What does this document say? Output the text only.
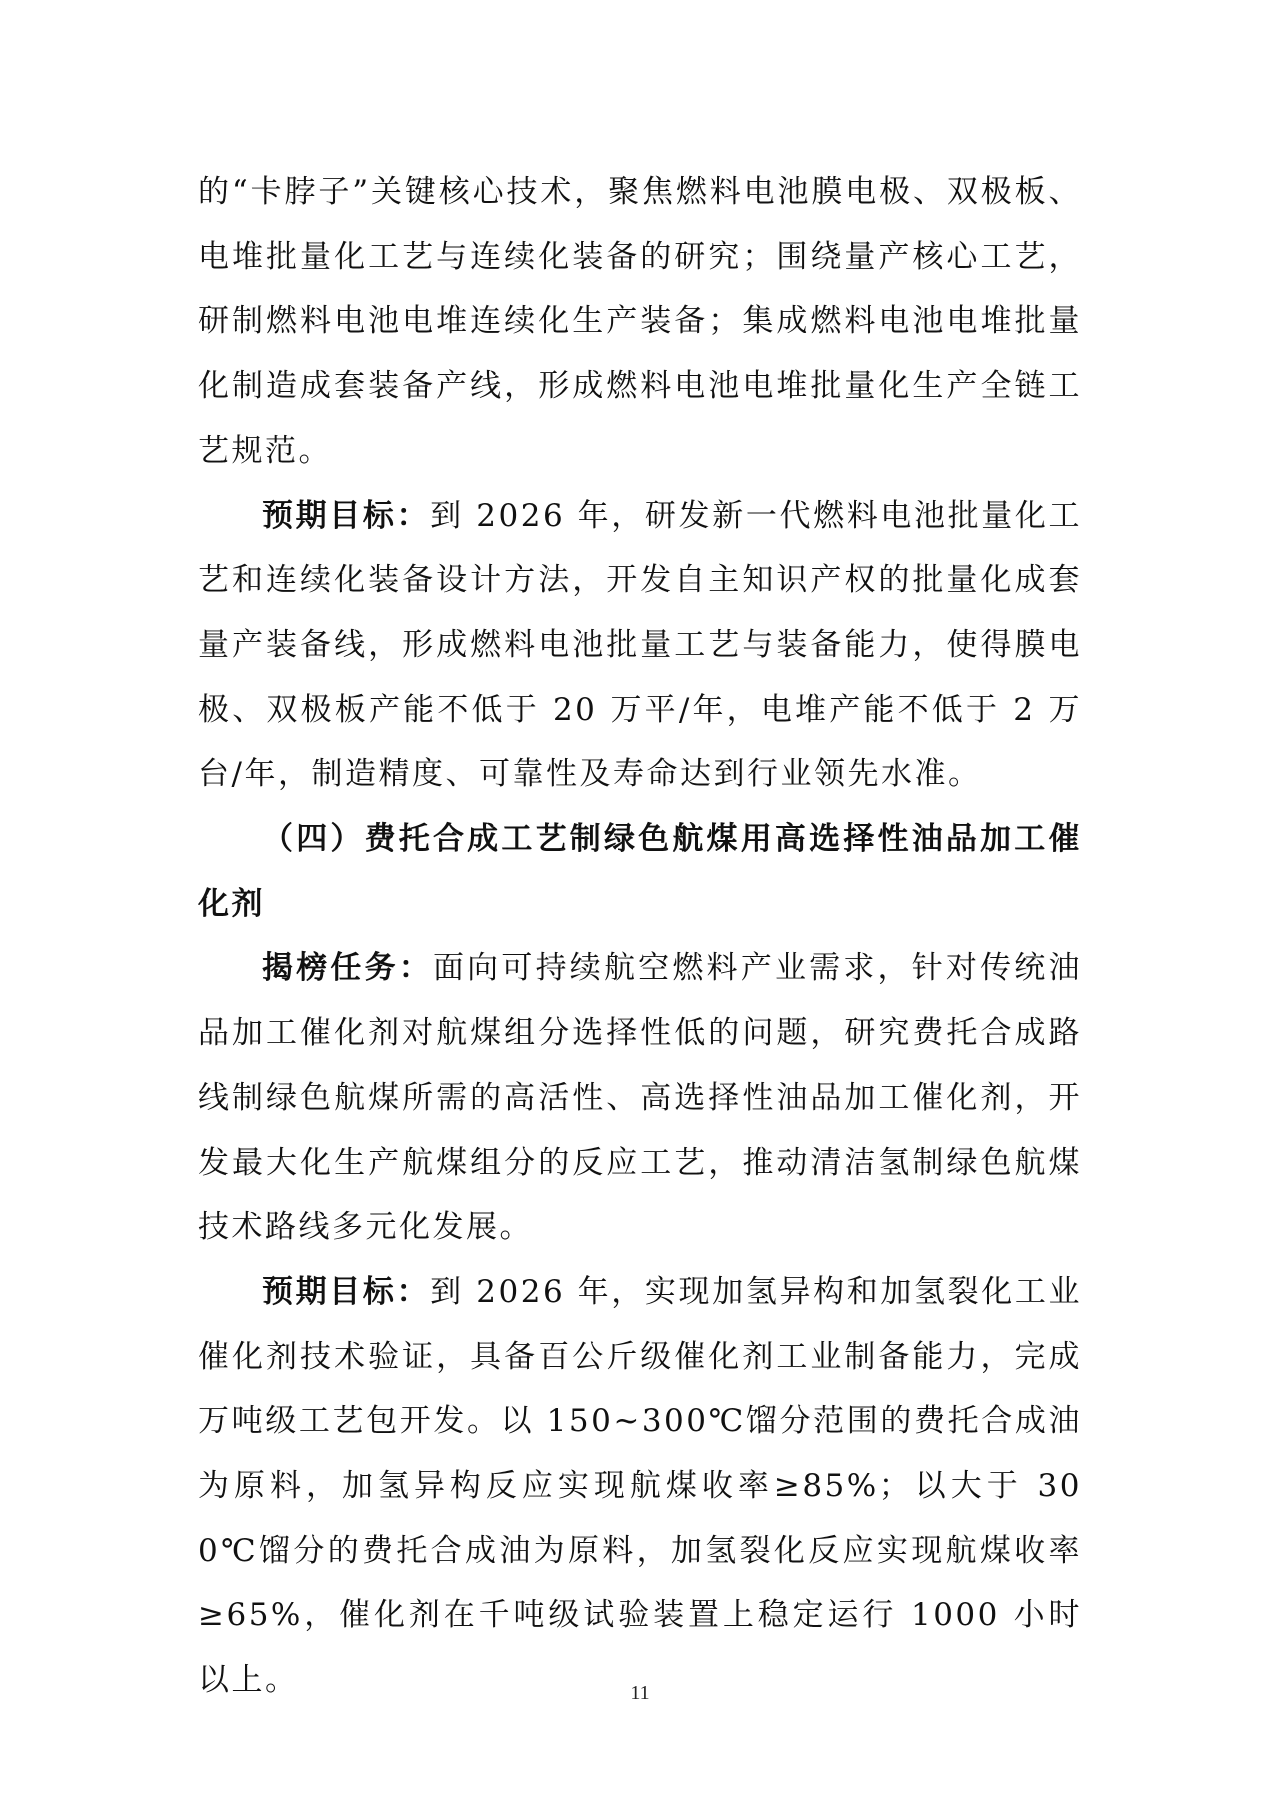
的“卡脖子”关键核心技术，聚焦燃料电池膜电极、双极板、电堆批量化工艺与连续化装备的研究；围绕量产核心工艺，研制燃料电池电堆连续化生产装备；集成燃料电池电堆批量化制造成套装备产线，形成燃料电池电堆批量化生产全链工艺规范。

预期目标：到 2026 年，研发新一代燃料电池批量化工艺和连续化装备设计方法，开发自主知识产权的批量化成套量产装备线，形成燃料电池批量工艺与装备能力，使得膜电极、双极板产能不低于 20 万平/年，电堆产能不低于 2 万台/年，制造精度、可靠性及寿命达到行业领先水准。

（四）费托合成工艺制绿色航煤用高选择性油品加工催化剂

揭榜任务：面向可持续航空燃料产业需求，针对传统油品加工催化剂对航煤组分选择性低的问题，研究费托合成路线制绿色航煤所需的高活性、高选择性油品加工催化剂，开发最大化生产航煤组分的反应工艺，推动清洁氢制绿色航煤技术路线多元化发展。

预期目标：到 2026 年，实现加氢异构和加氢裂化工业催化剂技术验证，具备百公斤级催化剂工业制备能力，完成万吨级工艺包开发。以 150~300℃馏分范围的费托合成油为原料，加氢异构反应实现航煤收率≥85%；以大于 300℃馏分的费托合成油为原料，加氢裂化反应实现航煤收率≥65%，催化剂在千吨级试验装置上稳定运行 1000 小时以上。	11
